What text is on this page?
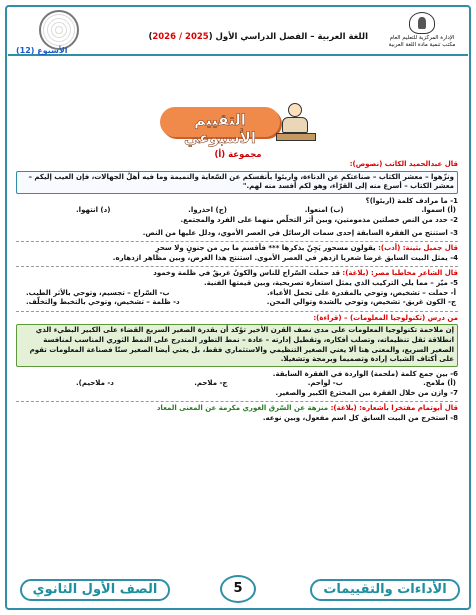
الإدارة المركزية للتعليم العام
مكتب تنمية مادة اللغة العربية
اللغة العربية – الفصل الدراسي الأول (2025 / 2026)
الأسبوع (12)
التقييم الأسبوعي
مجموعة (أ)
قال عبدالحميد الكاتب (نصوص):
ونزّهوا – معشر الكتاب – صناعتكم عن الدناءة، واربئوا بأنفسكم عن السّعاية والنميمة وما فيه أهلُ الجهالات، فإن العيب إليكم – معشر الكتاب – أسرع منه إلى القرّاء، وهو لكم أفسد منه لهم."
1- ما مرادف كلمة (اربئوا)؟
(أ) اسموا.
(ب) امنعوا.
(ج) احذروا.
(د) انتهوا.
2- حدد من النص خصلتين مذمومتين، وبين أثر التخلّص منهما على الفرد والمجتمع.
3- استنتج من الفقرة السابقة إحدى سمات الرسائل في العصر الأموي، ودلل عليها من النص.
قال جميل بثينة: (أدب): يقولون مسحور يَجِنّ بذكرها *** فأقسم ما بي من جنونٍ ولا سحرِ
4- يمثل البيت السابق غرضا شعريا ازدهر في العصر الأموي. استنتج هذا الغرض، وبين مظاهر ازدهاره.
قال الشاعر مخاطبا مصر: (بلاغة): قد حملت السّراج للناس والكونُ غريقٌ في ظلمة وخمود
5- ميّز – مما يلي التركيب الذي يمثل استعارة تصريحية، وبين قيمتها الفنية.
أ- حملت – تشخيص، وتوحي بالمقدرة على تحمل الأعباء.
ب- السّراج – تجسيم، وتوحي بالأثر الطيب.
ج- الكون غريق- تشخيص، وتوحي بالشدة وتوالي المحن.
د- ظلمة – تشخيص، وتوحي بالتخبط والتخلّف.
من درس (تكنولوجيا المعلومات) – (قراءة):
إن ملاحمة تكنولوجيا المعلومات على مدى نصف القرن الأخير تؤكد أن بقدرة الصغير السريع القضاء على الكبير البطيء الذي انطلاقة ثقل تنظيماته، وتصلب أفكاره، وتقطيل إدارته – عادة – نمط التطور المتدرج على النمط الثوري المناسب لمنافسة الصغير السريع، والمعنى هنا ألا يعني الصغير التنظيمي والاستثماري فقط، بل يعني أيضا الصغير سنّا فصناعة المعلومات تقوم على أكتاف الشباب إرادة وتصميما وبرمجة وتشغيلا.
6- بين جمع كلمة (ملحمة) الواردة في الفقرة السابقة.
(أ) ملامح.
ب- لواحم.
ج- ملاحم.
د- ملاحيم).
7- وازن من خلال الفقرة بين المخترع الكبير والصغير.
قال أبوتمام مفتخرا بأشعاره: (بلاغة): منزهة عن السّرق الغوري مكرمة عن المعنى المعاد
8- استخرج من البيت السابق كل اسم مفعول، وبين نوعه.
الأداءات والتقييمات
5
الصف الأول الثانوي
